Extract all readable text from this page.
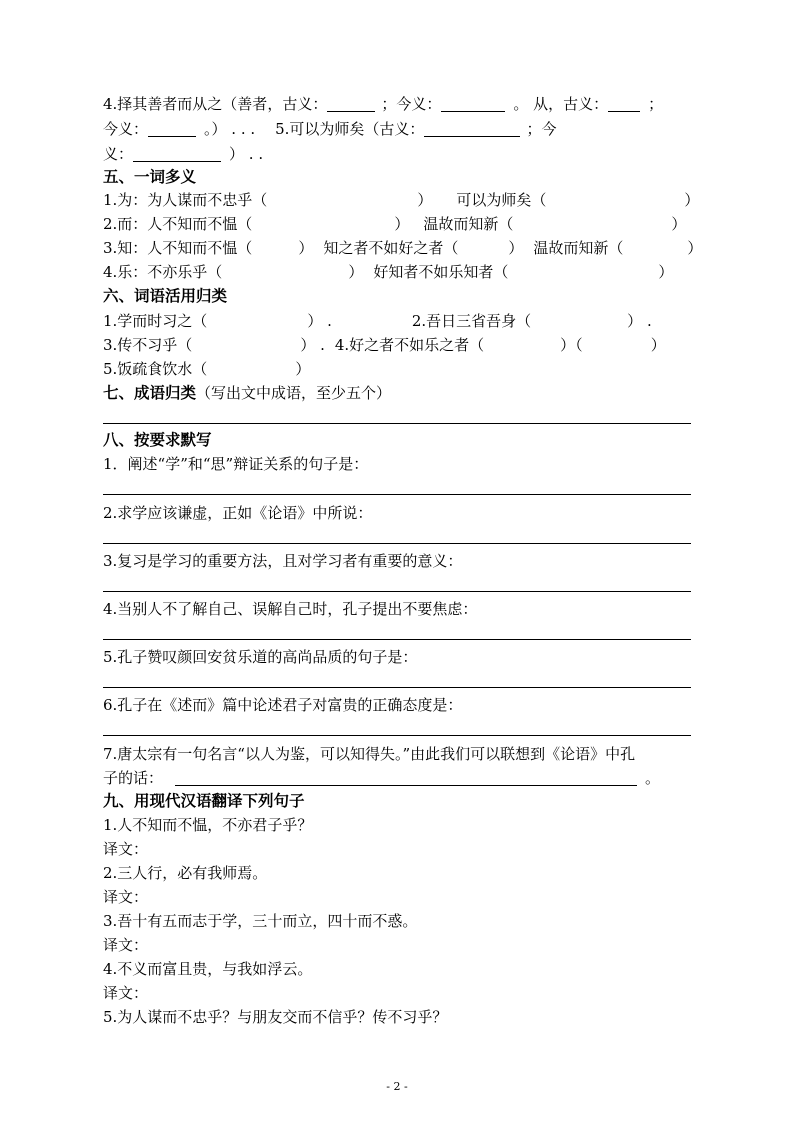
4.择其善者而从之（善者，古义：	；今义：	。 从，古义：	；
今义：	。） . . . 5.可以为师矣（古义：	；今
义：	） . .
五、一词多义
1.为：为人谋而不忠乎（	） 可以为师矣（	）
2.而：人不知而不愠（	） 温故而知新（	）
3.知：人不知而不愠（	） 知之者不如好之者（	） 温故而知新（	）
4.乐：不亦乐乎（	） 好知者不如乐知者（	）
六、词语活用归类
1.学而时习之（	） .	2.吾日三省吾身（	） .
3.传不习乎（	） . 4.好之者不如乐之者（	）（	）
5.饭疏食饮水（	）
七、成语归类（写出文中成语，至少五个）
八、按要求默写
1．阐述“学”和“思”辩证关系的句子是：
2.求学应该谦虚，正如《论语》中所说：
3.复习是学习的重要方法，且对学习者有重要的意义：
4.当别人不了解自己、误解自己时，孔子提出不要焦虑：
5.孔子赞叹颜回安贫乐道的高尚品质的句子是：
6.孔子在《述而》篇中论述君子对富贵的正确态度是：
7.唐太宗有一句名言“以人为鉴，可以知得失。”由此我们可以联想到《论语》中孔
子的话：	。
九、用现代汉语翻译下列句子
1.人不知而不愠，不亦君子乎？
译文：
2.三人行，必有我师焉。
译文：
3.吾十有五而志于学，三十而立，四十而不惑。
译文：
4.不义而富且贵，与我如浮云。
译文：
5.为人谋而不忠乎？与朋友交而不信乎？传不习乎？
- 2 -
